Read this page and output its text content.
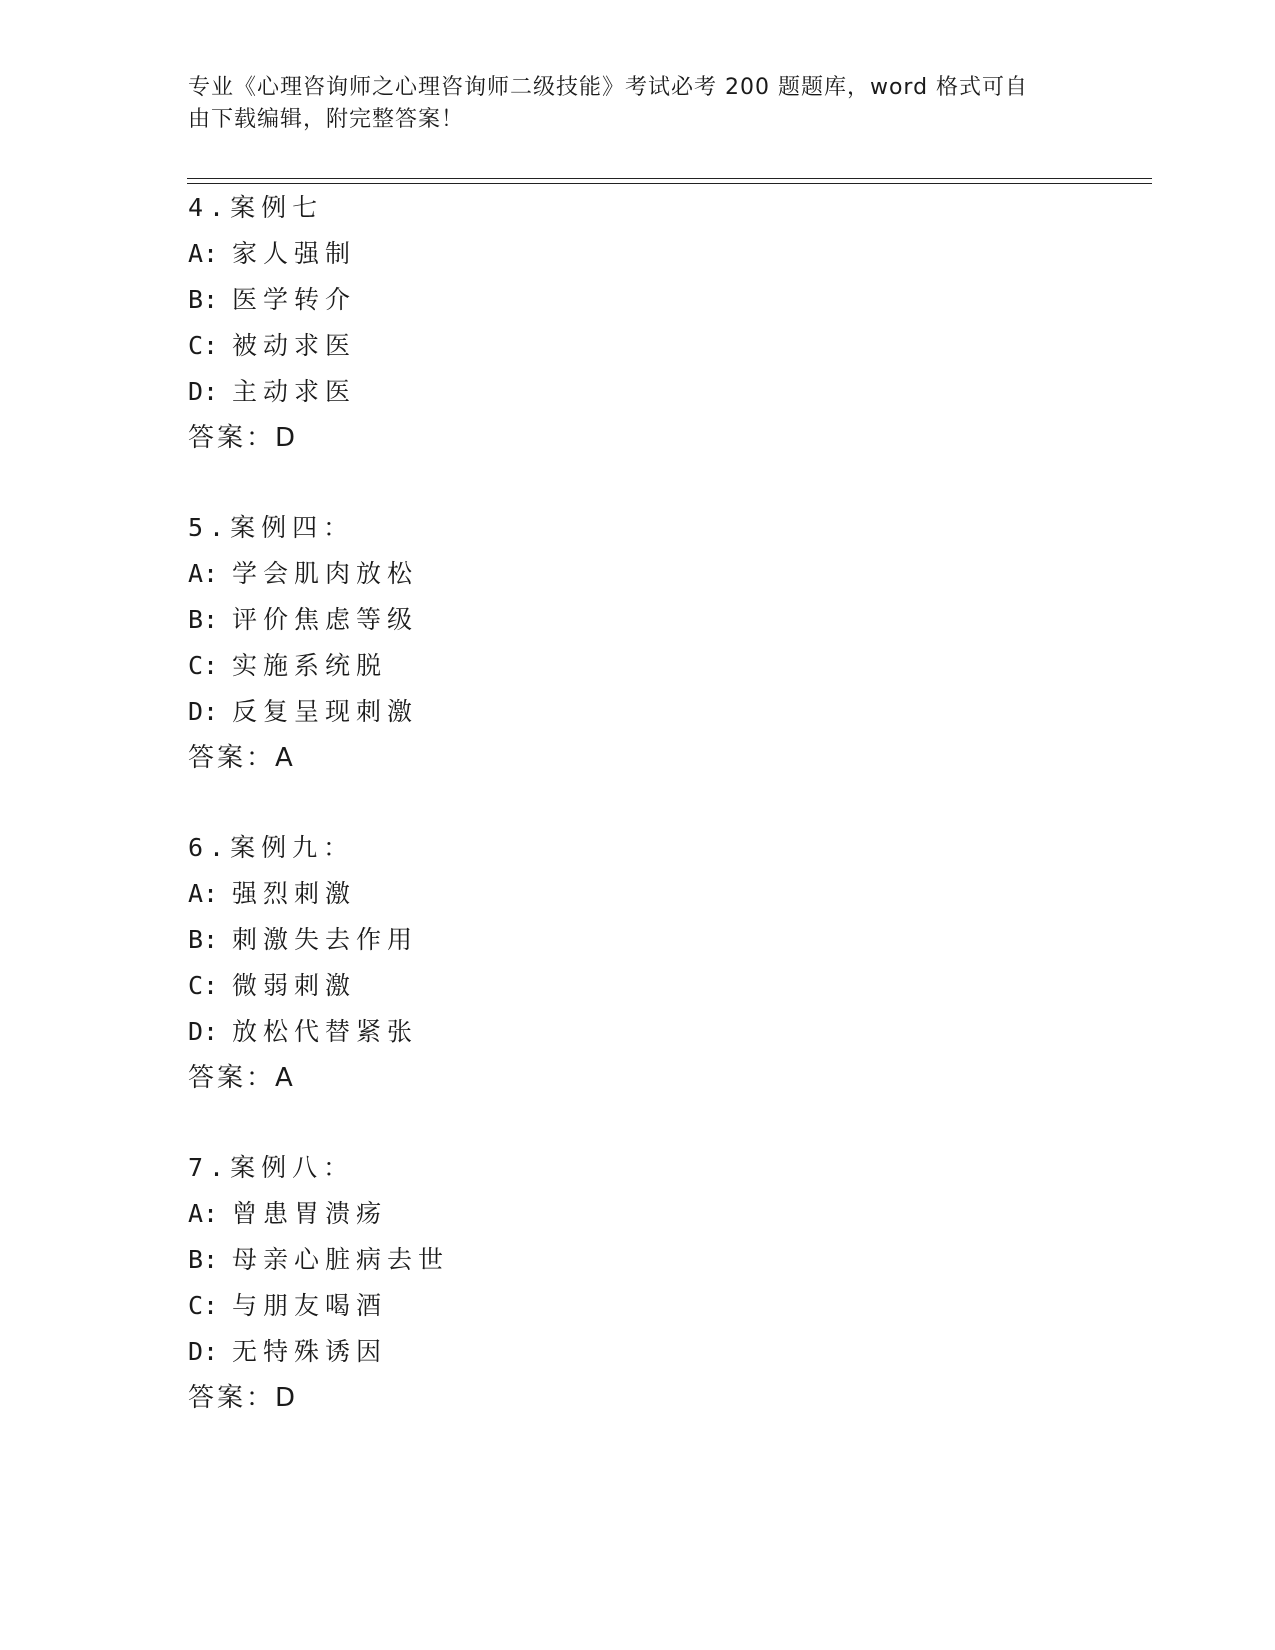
专业《心理咨询师之心理咨询师二级技能》考试必考 200 题题库，word 格式可自
由下载编辑，附完整答案！
4.案例七
A: 家人强制
B: 医学转介
C: 被动求医
D: 主动求医
答案：D
5.案例四：
A: 学会肌肉放松
B: 评价焦虑等级
C: 实施系统脱
D: 反复呈现刺激
答案：A
6.案例九：
A: 强烈刺激
B: 刺激失去作用
C: 微弱刺激
D: 放松代替紧张
答案：A
7.案例八：
A: 曾患胃溃疡
B: 母亲心脏病去世
C: 与朋友喝酒
D: 无特殊诱因
答案：D
